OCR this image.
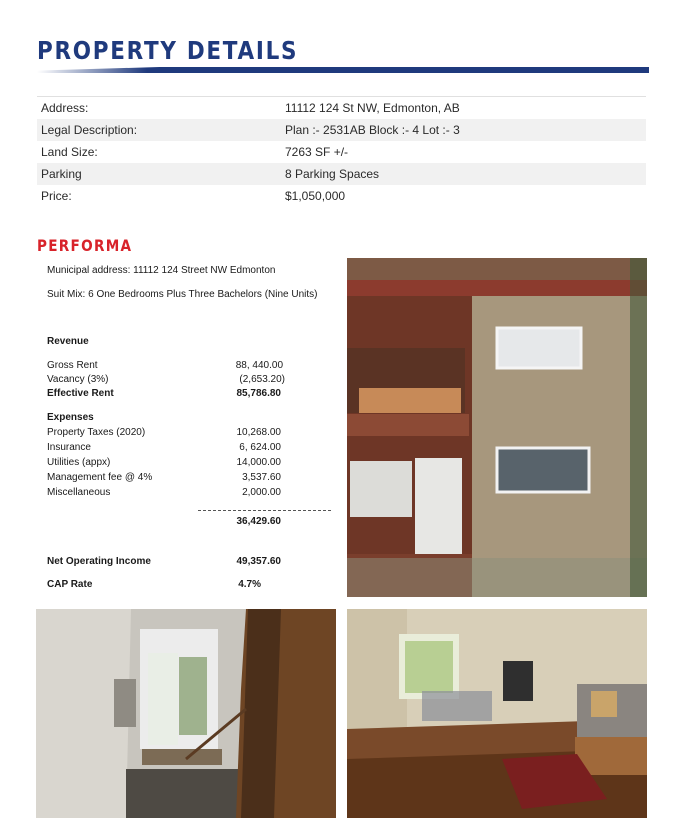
PROPERTY DETAILS
Address:	11112 124 St NW, Edmonton, AB
Legal Description:	Plan :- 2531AB Block :- 4 Lot :- 3
Land Size:	7263 SF +/-
Parking	8 Parking Spaces
Price:	$1,050,000
PERFORMA
Municipal address: 11112 124 Street NW Edmonton
Suit Mix: 6 One Bedrooms Plus Three Bachelors (Nine Units)
Revenue
Gross Rent	88, 440.00
Vacancy (3%)	(2,653.20)
Effective Rent	85,786.80
Expenses
Property Taxes (2020)	10,268.00
Insurance	6, 624.00
Utilities (appx)	14,000.00
Management fee @ 4%	3,537.60
Miscellaneous	2,000.00
36,429.60
Net Operating Income	49,357.60
CAP Rate	4.7%
